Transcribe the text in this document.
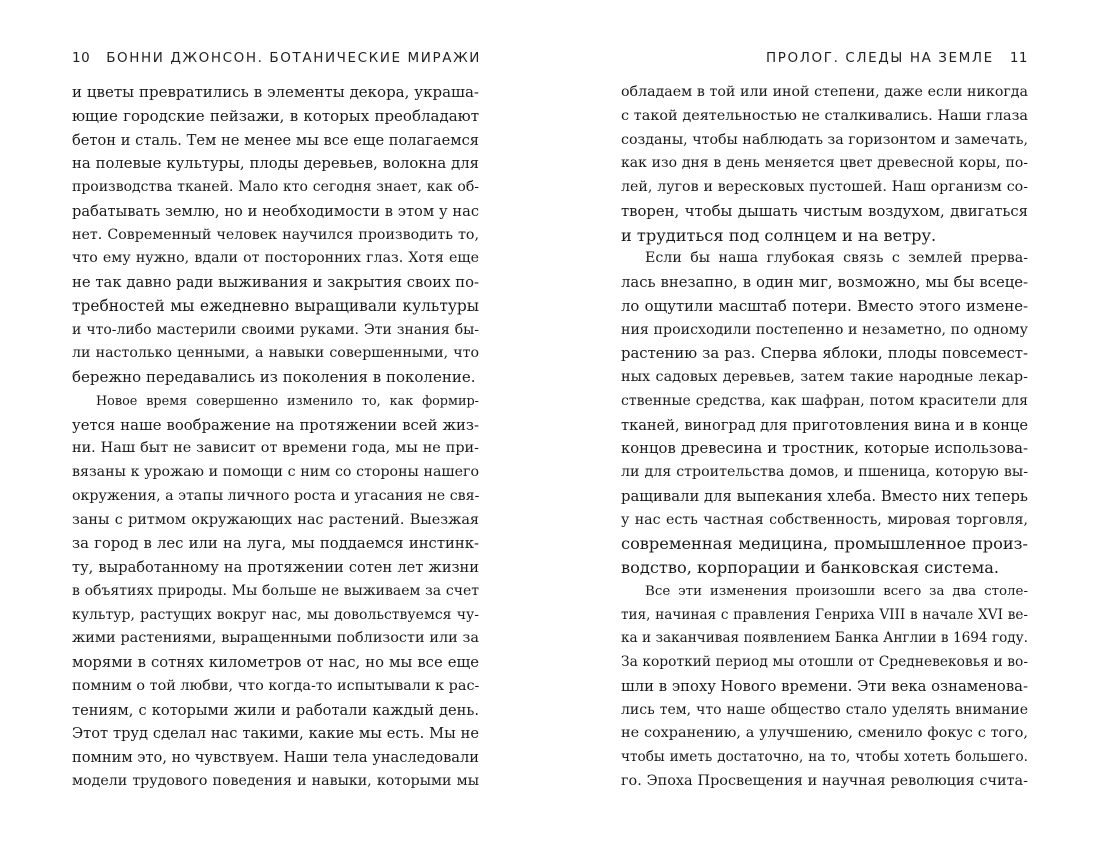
10 БОННИ ДЖОНСОН. БОТАНИЧЕСКИЕ МИРАЖИ
и цветы превратились в элементы декора, украша-
ющие городские пейзажи, в которых преобладают
бетон и сталь. Тем не менее мы все еще полагаемся
на полевые культуры, плоды деревьев, волокна для
производства тканей. Мало кто сегодня знает, как об-
рабатывать землю, но и необходимости в этом у нас
нет. Современный человек научился производить то,
что ему нужно, вдали от посторонних глаз. Хотя еще
не так давно ради выживания и закрытия своих по-
требностей мы ежедневно выращивали культуры
и что-либо мастерили своими руками. Эти знания бы-
ли настолько ценными, а навыки совершенными, что
бережно передавались из поколения в поколение.
Новое время совершенно изменило то, как формир-
уется наше воображение на протяжении всей жиз-
ни. Наш быт не зависит от времени года, мы не при-
вязаны к урожаю и помощи с ним со стороны нашего
окружения, а этапы личного роста и угасания не свя-
заны с ритмом окружающих нас растений. Выезжая
за город в лес или на луга, мы поддаемся инстинк-
ту, выработанному на протяжении сотен лет жизни
в объятиях природы. Мы больше не выживаем за счет
культур, растущих вокруг нас, мы довольствуемся чу-
жими растениями, выращенными поблизости или за
морями в сотнях километров от нас, но мы все еще
помним о той любви, что когда-то испытывали к рас-
тениям, с которыми жили и работали каждый день.
Этот труд сделал нас такими, какие мы есть. Мы не
помним это, но чувствуем. Наши тела унаследовали
модели трудового поведения и навыки, которыми мы
ПРОЛОГ. СЛЕДЫ НА ЗЕМЛЕ 11
обладаем в той или иной степени, даже если никогда
с такой деятельностью не сталкивались. Наши глаза
созданы, чтобы наблюдать за горизонтом и замечать,
как изо дня в день меняется цвет древесной коры, по-
лей, лугов и вересковых пустошей. Наш организм со-
творен, чтобы дышать чистым воздухом, двигаться
и трудиться под солнцем и на ветру.
Если бы наша глубокая связь с землей прерва-
лась внезапно, в один миг, возможно, мы бы всеце-
ло ощутили масштаб потери. Вместо этого измене-
ния происходили постепенно и незаметно, по одному
растению за раз. Сперва яблоки, плоды повсемест-
ных садовых деревьев, затем такие народные лекар-
ственные средства, как шафран, потом красители для
тканей, виноград для приготовления вина и в конце
концов древесина и тростник, которые использова-
ли для строительства домов, и пшеница, которую вы-
ращивали для выпекания хлеба. Вместо них теперь
у нас есть частная собственность, мировая торговля,
современная медицина, промышленное произ-
водство, корпорации и банковская система.
Все эти изменения произошли всего за два столе-
тия, начиная с правления Генриха VIII в начале XVI ве-
ка и заканчивая появлением Банка Англии в 1694 году.
За короткий период мы отошли от Средневековья и во-
шли в эпоху Нового времени. Эти века ознаменова-
лись тем, что наше общество стало уделять внимание
не сохранению, а улучшению, сменило фокус с того,
чтобы иметь достаточно, на то, чтобы хотеть большего.
го. Эпоха Просвещения и научная революция счита-
